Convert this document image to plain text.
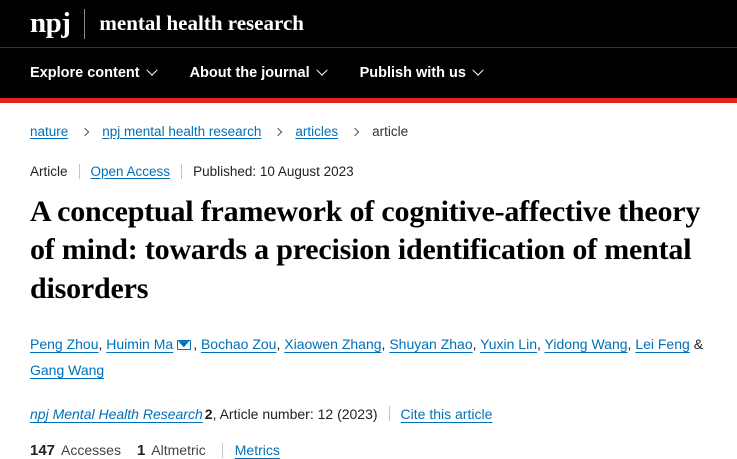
npj	mental health research
Explore content	About the journal	Publish with us
nature	npj mental health research	articles	article
Article Open Access Published: 10 August 2023
A conceptual framework of cognitive-affective theory of mind: towards a precision identification of mental disorders
Peng Zhou, Huimin Ma , Bochao Zou, Xiaowen Zhang, Shuyan Zhao, Yuxin Lin, Yidong Wang, Lei Feng &
Gang Wang
npj Mental Health Research 2 , Article number: 12 (2023) Cite this article
147 Accesses 1 Altmetric Metrics
